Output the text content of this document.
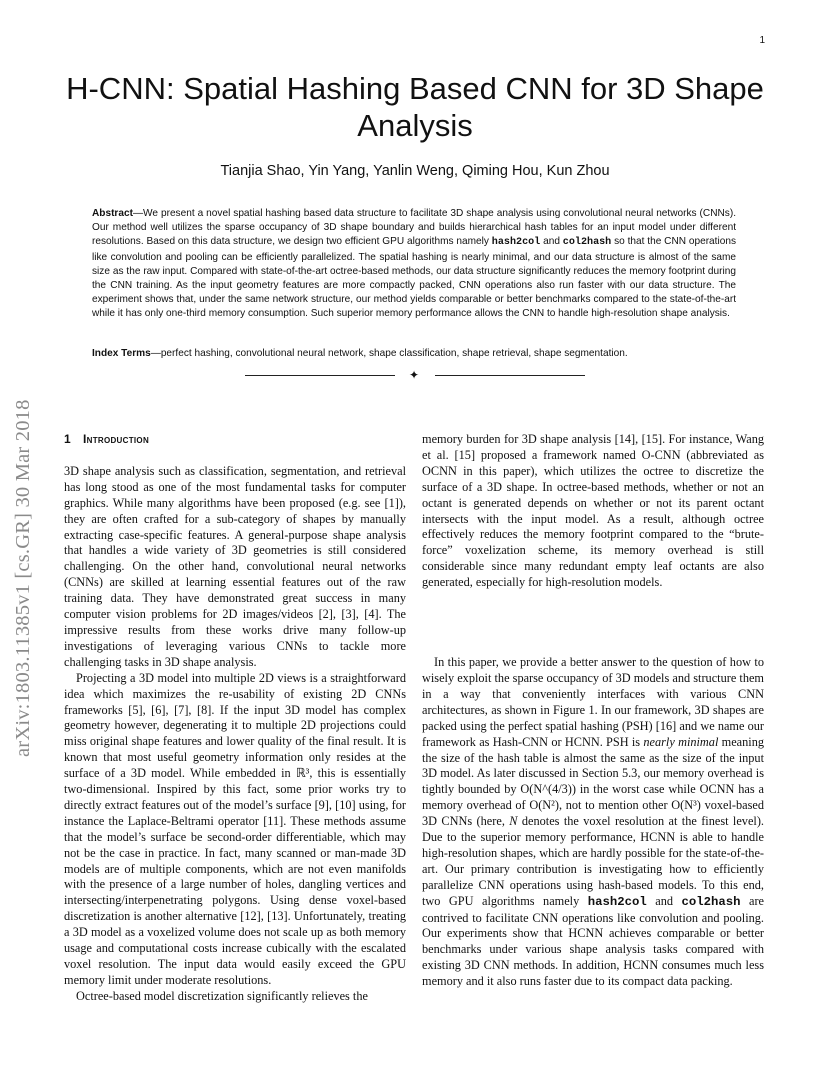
1
H-CNN: Spatial Hashing Based CNN for 3D Shape Analysis
Tianjia Shao, Yin Yang, Yanlin Weng, Qiming Hou, Kun Zhou
Abstract—We present a novel spatial hashing based data structure to facilitate 3D shape analysis using convolutional neural networks (CNNs). Our method well utilizes the sparse occupancy of 3D shape boundary and builds hierarchical hash tables for an input model under different resolutions. Based on this data structure, we design two efficient GPU algorithms namely hash2col and col2hash so that the CNN operations like convolution and pooling can be efficiently parallelized. The spatial hashing is nearly minimal, and our data structure is almost of the same size as the raw input. Compared with state-of-the-art octree-based methods, our data structure significantly reduces the memory footprint during the CNN training. As the input geometry features are more compactly packed, CNN operations also run faster with our data structure. The experiment shows that, under the same network structure, our method yields comparable or better benchmarks compared to the state-of-the-art while it has only one-third memory consumption. Such superior memory performance allows the CNN to handle high-resolution shape analysis.
Index Terms—perfect hashing, convolutional neural network, shape classification, shape retrieval, shape segmentation.
✦
arXiv:1803.11385v1 [cs.GR] 30 Mar 2018	1 Introduction

3D shape analysis such as classification, segmentation, and retrieval has long stood as one of the most fundamental tasks for computer graphics. While many algorithms have been proposed (e.g. see [1]), they are often crafted for a sub-category of shapes by manually extracting case-specific features. A general-purpose shape analysis that handles a wide variety of 3D geometries is still considered challenging. On the other hand, convolutional neural networks (CNNs) are skilled at learning essential features out of the raw training data. They have demonstrated great success in many computer vision problems for 2D images/videos [2], [3], [4]. The impressive results from these works drive many follow-up investigations of leveraging various CNNs to tackle more challenging tasks in 3D shape analysis.

Projecting a 3D model into multiple 2D views is a straightforward idea which maximizes the re-usability of existing 2D CNNs frameworks [5], [6], [7], [8]. If the input 3D model has complex geometry however, degenerating it to multiple 2D projections could miss original shape features and lower quality of the final result. It is known that most useful geometry information only resides at the surface of a 3D model. While embedded in ℝ³, this is essentially two-dimensional. Inspired by this fact, some prior works try to directly extract features out of the model’s surface [9], [10] using, for instance the Laplace-Beltrami operator [11]. These methods assume that the model’s surface be second-order differentiable, which may not be the case in practice. In fact, many scanned or man-made 3D models are of multiple components, which are not even manifolds with the presence of a large number of holes, dangling vertices and intersecting/interpenetrating polygons. Using dense voxel-based discretization is another alternative [12], [13]. Unfortunately, treating a 3D model as a voxelized volume does not scale up as both memory usage and computational costs increase cubically with the escalated voxel resolution. The input data would easily exceed the GPU memory limit under moderate resolutions.

Octree-based model discretization significantly relieves the

memory burden for 3D shape analysis [14], [15]. For instance, Wang et al. [15] proposed a framework named O-CNN (abbreviated as OCNN in this paper), which utilizes the octree to discretize the surface of a 3D shape. In octree-based methods, whether or not an octant is generated depends on whether or not its parent octant intersects with the input model. As a result, although octree effectively reduces the memory footprint compared to the “brute-force” voxelization scheme, its memory overhead is still considerable since many redundant empty leaf octants are also generated, especially for high-resolution models.

In this paper, we provide a better answer to the question of how to wisely exploit the sparse occupancy of 3D models and structure them in a way that conveniently interfaces with various CNN architectures, as shown in Figure 1. In our framework, 3D shapes are packed using the perfect spatial hashing (PSH) [16] and we name our framework as Hash-CNN or HCNN. PSH is nearly minimal meaning the size of the hash table is almost the same as the size of the input 3D model. As later discussed in Section 5.3, our memory overhead is tightly bounded by O(N^(4/3)) in the worst case while OCNN has a memory overhead of O(N²), not to mention other O(N³) voxel-based 3D CNNs (here, N denotes the voxel resolution at the finest level). Due to the superior memory performance, HCNN is able to handle high-resolution shapes, which are hardly possible for the state-of-the-art. Our primary contribution is investigating how to efficiently parallelize CNN operations using hash-based models. To this end, two GPU algorithms namely hash2col and col2hash are contrived to facilitate CNN operations like convolution and pooling. Our experiments show that HCNN achieves comparable or better benchmarks under various shape analysis tasks compared with existing 3D CNN methods. In addition, HCNN consumes much less memory and it also runs faster due to its compact data packing.
